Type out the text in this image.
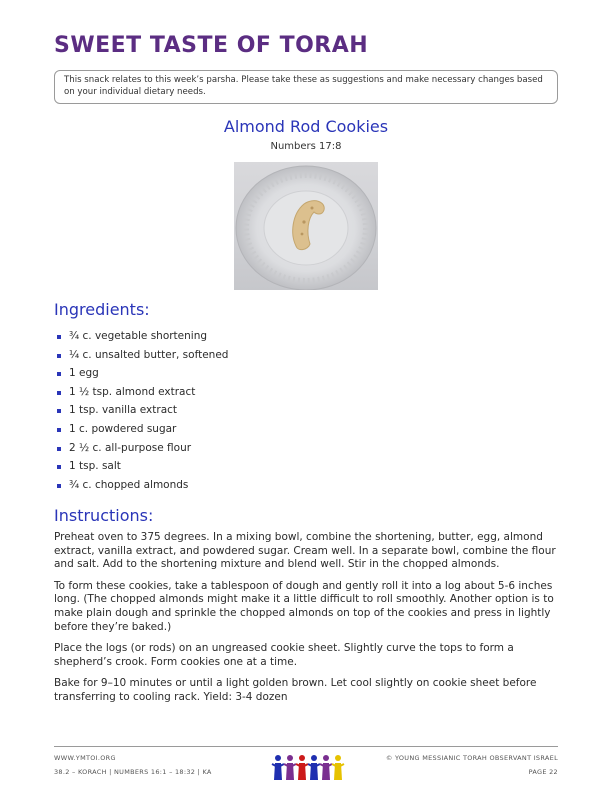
SWEET TASTE OF TORAH
This snack relates to this week’s parsha. Please take these as suggestions and make necessary changes based on your individual dietary needs.
Almond Rod Cookies
Numbers 17:8
Ingredients:
¾ c. vegetable shortening
¼ c. unsalted butter, softened
1 egg
1 ½ tsp. almond extract
1 tsp. vanilla extract
1 c. powdered sugar
2 ½ c. all-purpose flour
1 tsp. salt
¾ c. chopped almonds
Instructions:

Preheat oven to 375 degrees. In a mixing bowl, combine the shortening, butter, egg, almond extract, vanilla extract, and powdered sugar. Cream well. In a separate bowl, combine the flour and salt. Add to the shortening mixture and blend well. Stir in the chopped almonds.

To form these cookies, take a tablespoon of dough and gently roll it into a log about 5-6 inches long. (The chopped almonds might make it a little difficult to roll smoothly. Another option is to make plain dough and sprinkle the chopped almonds on top of the cookies and press in lightly before they’re baked.)

Place the logs (or rods) on an ungreased cookie sheet. Slightly curve the tops to form a shepherd’s crook. Form cookies one at a time.

Bake for 9–10 minutes or until a light golden brown. Let cool slightly on cookie sheet before transferring to cooling rack. Yield: 3-4 dozen

WWW.YMTOI.ORG
38.2 – KORACH | NUMBERS 16:1 – 18:32 | KA
© YOUNG MESSIANIC TORAH OBSERVANT ISRAEL
PAGE 22
